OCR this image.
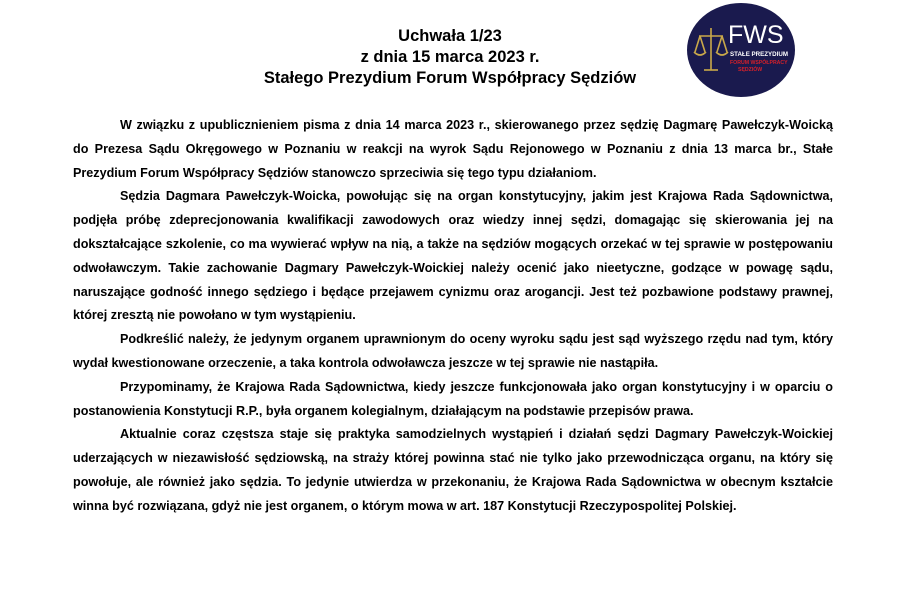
Uchwała 1/23
z dnia 15 marca 2023 r.
Stałego Prezydium Forum Współpracy Sędziów
FWS
STAŁE PREZYDIUM
FORUM WSPÓŁPRACY
SĘDZIÓW

W związku z upublicznieniem pisma z dnia 14 marca 2023 r., skierowanego przez sędzię Dagmarę Pawełczyk-Woicką do Prezesa Sądu Okręgowego w Poznaniu w reakcji na wyrok Sądu Rejonowego w Poznaniu z dnia 13 marca br., Stałe Prezydium Forum Współpracy Sędziów stanowczo sprzeciwia się tego typu działaniom.

Sędzia Dagmara Pawełczyk-Woicka, powołując się na organ konstytucyjny, jakim jest Krajowa Rada Sądownictwa, podjęła próbę zdeprecjonowania kwalifikacji zawodowych oraz wiedzy innej sędzi, domagając się skierowania jej na dokształcające szkolenie, co ma wywierać wpływ na nią, a także na sędziów mogących orzekać w tej sprawie w postępowaniu odwoławczym. Takie zachowanie Dagmary Pawełczyk-Woickiej należy ocenić jako nieetyczne, godzące w powagę sądu, naruszające godność innego sędziego i będące przejawem cynizmu oraz arogancji. Jest też pozbawione podstawy prawnej, której zresztą nie powołano w tym wystąpieniu.

Podkreślić należy, że jedynym organem uprawnionym do oceny wyroku sądu jest sąd wyższego rzędu nad tym, który wydał kwestionowane orzeczenie, a taka kontrola odwoławcza jeszcze w tej sprawie nie nastąpiła.

Przypominamy, że Krajowa Rada Sądownictwa, kiedy jeszcze funkcjonowała jako organ konstytucyjny i w oparciu o postanowienia Konstytucji R.P., była organem kolegialnym, działającym na podstawie przepisów prawa.

Aktualnie coraz częstsza staje się praktyka samodzielnych wystąpień i działań sędzi Dagmary Pawełczyk-Woickiej uderzających w niezawisłość sędziowską, na straży której powinna stać nie tylko jako przewodnicząca organu, na który się powołuje, ale również jako sędzia. To jedynie utwierdza w przekonaniu, że Krajowa Rada Sądownictwa w obecnym kształcie winna być rozwiązana, gdyż nie jest organem, o którym mowa w art. 187 Konstytucji Rzeczypospolitej Polskiej.
